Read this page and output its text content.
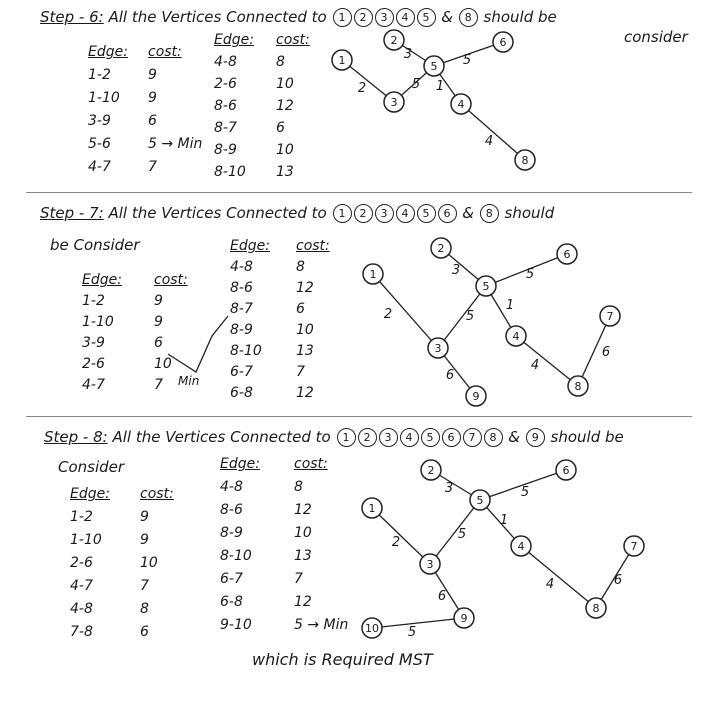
Step - 6: All the Vertices Connected to 1 2 3 4 5 & 8 should be
consider
Edge: cost:
1-2	9
1-10 9
3-9	6
5-6	5 → Min
4-7	7
Edge: cost:
4-8	8
2-6	10
8-6	12
8-7	6
8-9	10
8-10 13
2
3
5
5
1
4
1
2
3	4
5
6
8
Step - 7: All the Vertices Connected to 1 2 3 4 5 6 & 8 should
be Consider
Edge: cost:
1-2	9
1-10	9
3-9	6
2-6	10
4-7	7
Edge: cost:
4-8	8
8-6	12
8-7	6
8-9	10
8-10 13
6-7	7
6-8	12
Min
2
3
5
5
1
4
6
6
1
2
3
4
5
6
7
8
9
Step - 8: All the Vertices Connected to 1 2 3 4 5 6 7 8 & 9 should be
Consider
Edge: cost:
1-2	9
1-10	9
2-6	10
4-7	7
4-8	8
7-8	6
Edge: cost:
4-8	8
8-6	12
8-9	10
8-10	13
6-7	7
6-8	12
9-10	5 → Min
2
3
5
5
1
4	6
6
5
1
2
3
4
5
6
7
8
9
10
which is Required MST
